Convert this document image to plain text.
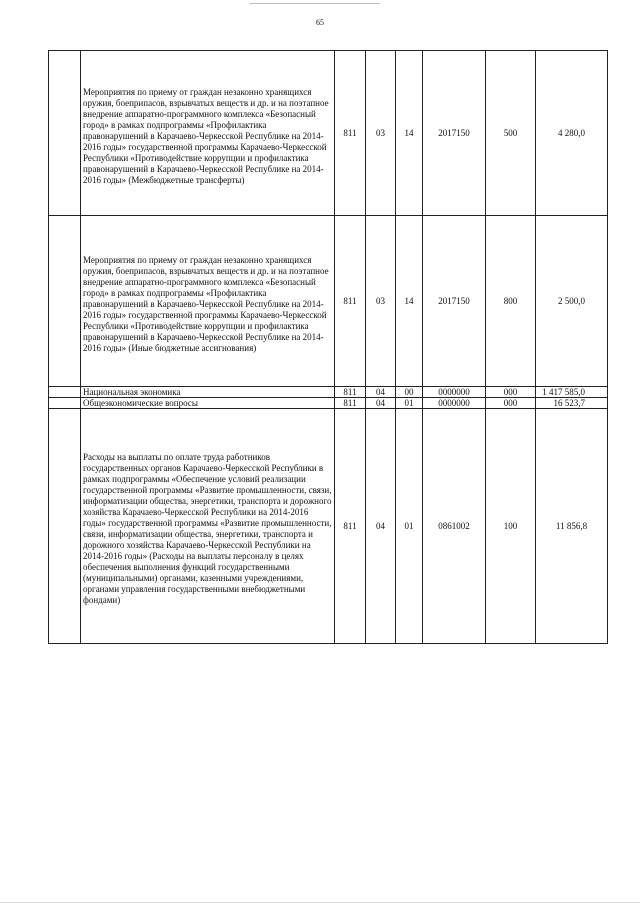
65
	Мероприятия по приему от граждан незаконно хранящихся оружия, боеприпасов, взрывчатых веществ и др. и на поэтапное внедрение аппаратно-программного комплекса «Безопасный город» в рамках подпрограммы «Профилактика правонарушений в Карачаево-Черкесской Республике на 2014-2016 годы» государственной программы Карачаево-Черкесской Республики «Противодействие коррупции и профилактика правонарушений в Карачаево-Черкесской Республике на 2014-2016 годы» (Межбюджетные трансферты)	811	03	14	2017150	500	4 280,0
	Мероприятия по приему от граждан незаконно хранящихся оружия, боеприпасов, взрывчатых веществ и др. и на поэтапное внедрение аппаратно-программного комплекса «Безопасный город» в рамках подпрограммы «Профилактика правонарушений в Карачаево-Черкесской Республике на 2014-2016 годы» государственной программы Карачаево-Черкесской Республики «Противодействие коррупции и профилактика правонарушений в Карачаево-Черкесской Республике на 2014-2016 годы» (Иные бюджетные ассигнования)	811	03	14	2017150	800	2 500,0
	Национальная экономика	811	04	00	0000000	000	1 417 585,0
	Общеэкономические вопросы	811	04	01	0000000	000	16 523,7
	Расходы на выплаты по оплате труда работников государственных органов Карачаево-Черкесской Республики в рамках подпрограммы «Обеспечение условий реализации государственной программы «Развитие промышленности, связи, информатизации общества, энергетики, транспорта и дорожного хозяйства Карачаево-Черкесской Республики на 2014-2016 годы» государственной программы «Развитие промышленности, связи, информатизации общества, энергетики, транспорта и дорожного хозяйства Карачаево-Черкесской Республики на 2014-2016 годы» (Расходы на выплаты персоналу в целях обеспечения выполнения функций государственными (муниципальными) органами, казенными учреждениями, органами управления государственными внебюджетными фондами)	811	04	01	0861002	100	11 856,8
